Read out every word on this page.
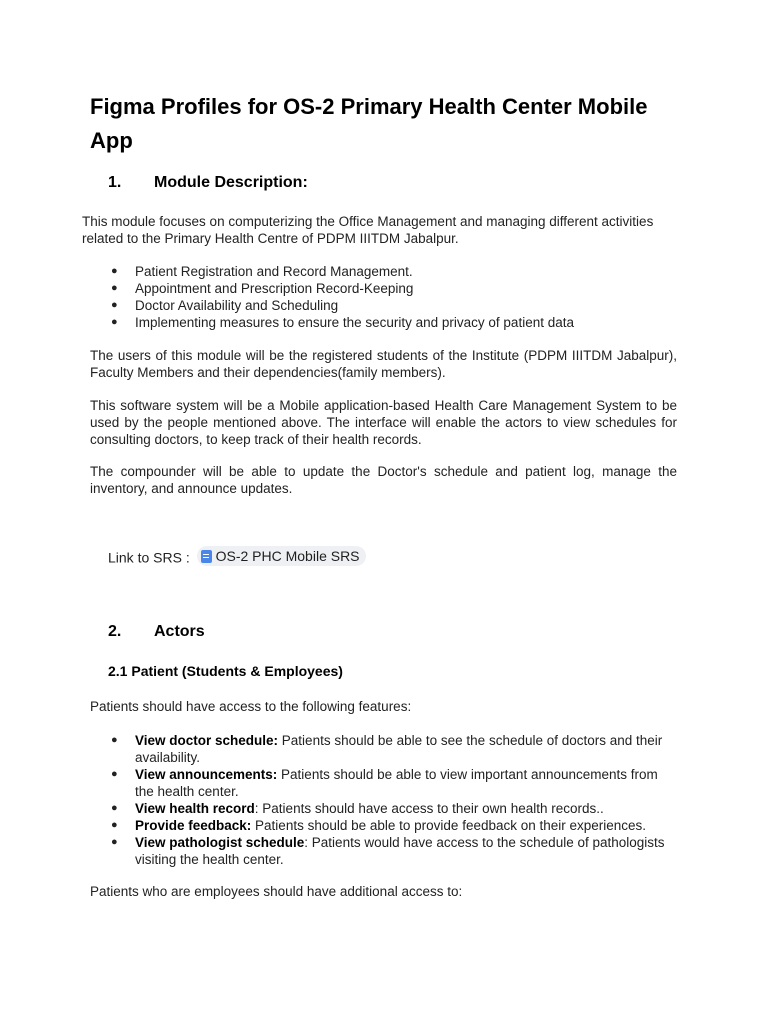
Figma Profiles for OS-2 Primary Health Center Mobile App
1. Module Description:

This module focuses on computerizing the Office Management and managing different activities related to the Primary Health Centre of PDPM IIITDM Jabalpur.

● Patient Registration and Record Management.
● Appointment and Prescription Record-Keeping
● Doctor Availability and Scheduling
● Implementing measures to ensure the security and privacy of patient data

The users of this module will be the registered students of the Institute (PDPM IIITDM Jabalpur), Faculty Members and their dependencies(family members).

This software system will be a Mobile application-based Health Care Management System to be used by the people mentioned above. The interface will enable the actors to view schedules for consulting doctors, to keep track of their health records.

The compounder will be able to update the Doctor's schedule and patient log, manage the inventory, and announce updates.

Link to SRS : OS-2 PHC Mobile SRS
2. Actors
2.1 Patient (Students & Employees)

Patients should have access to the following features:

● View doctor schedule: Patients should be able to see the schedule of doctors and their availability.
● View announcements: Patients should be able to view important announcements from the health center.
● View health record: Patients should have access to their own health records..
● Provide feedback: Patients should be able to provide feedback on their experiences.
● View pathologist schedule: Patients would have access to the schedule of pathologists visiting the health center.

Patients who are employees should have additional access to:
